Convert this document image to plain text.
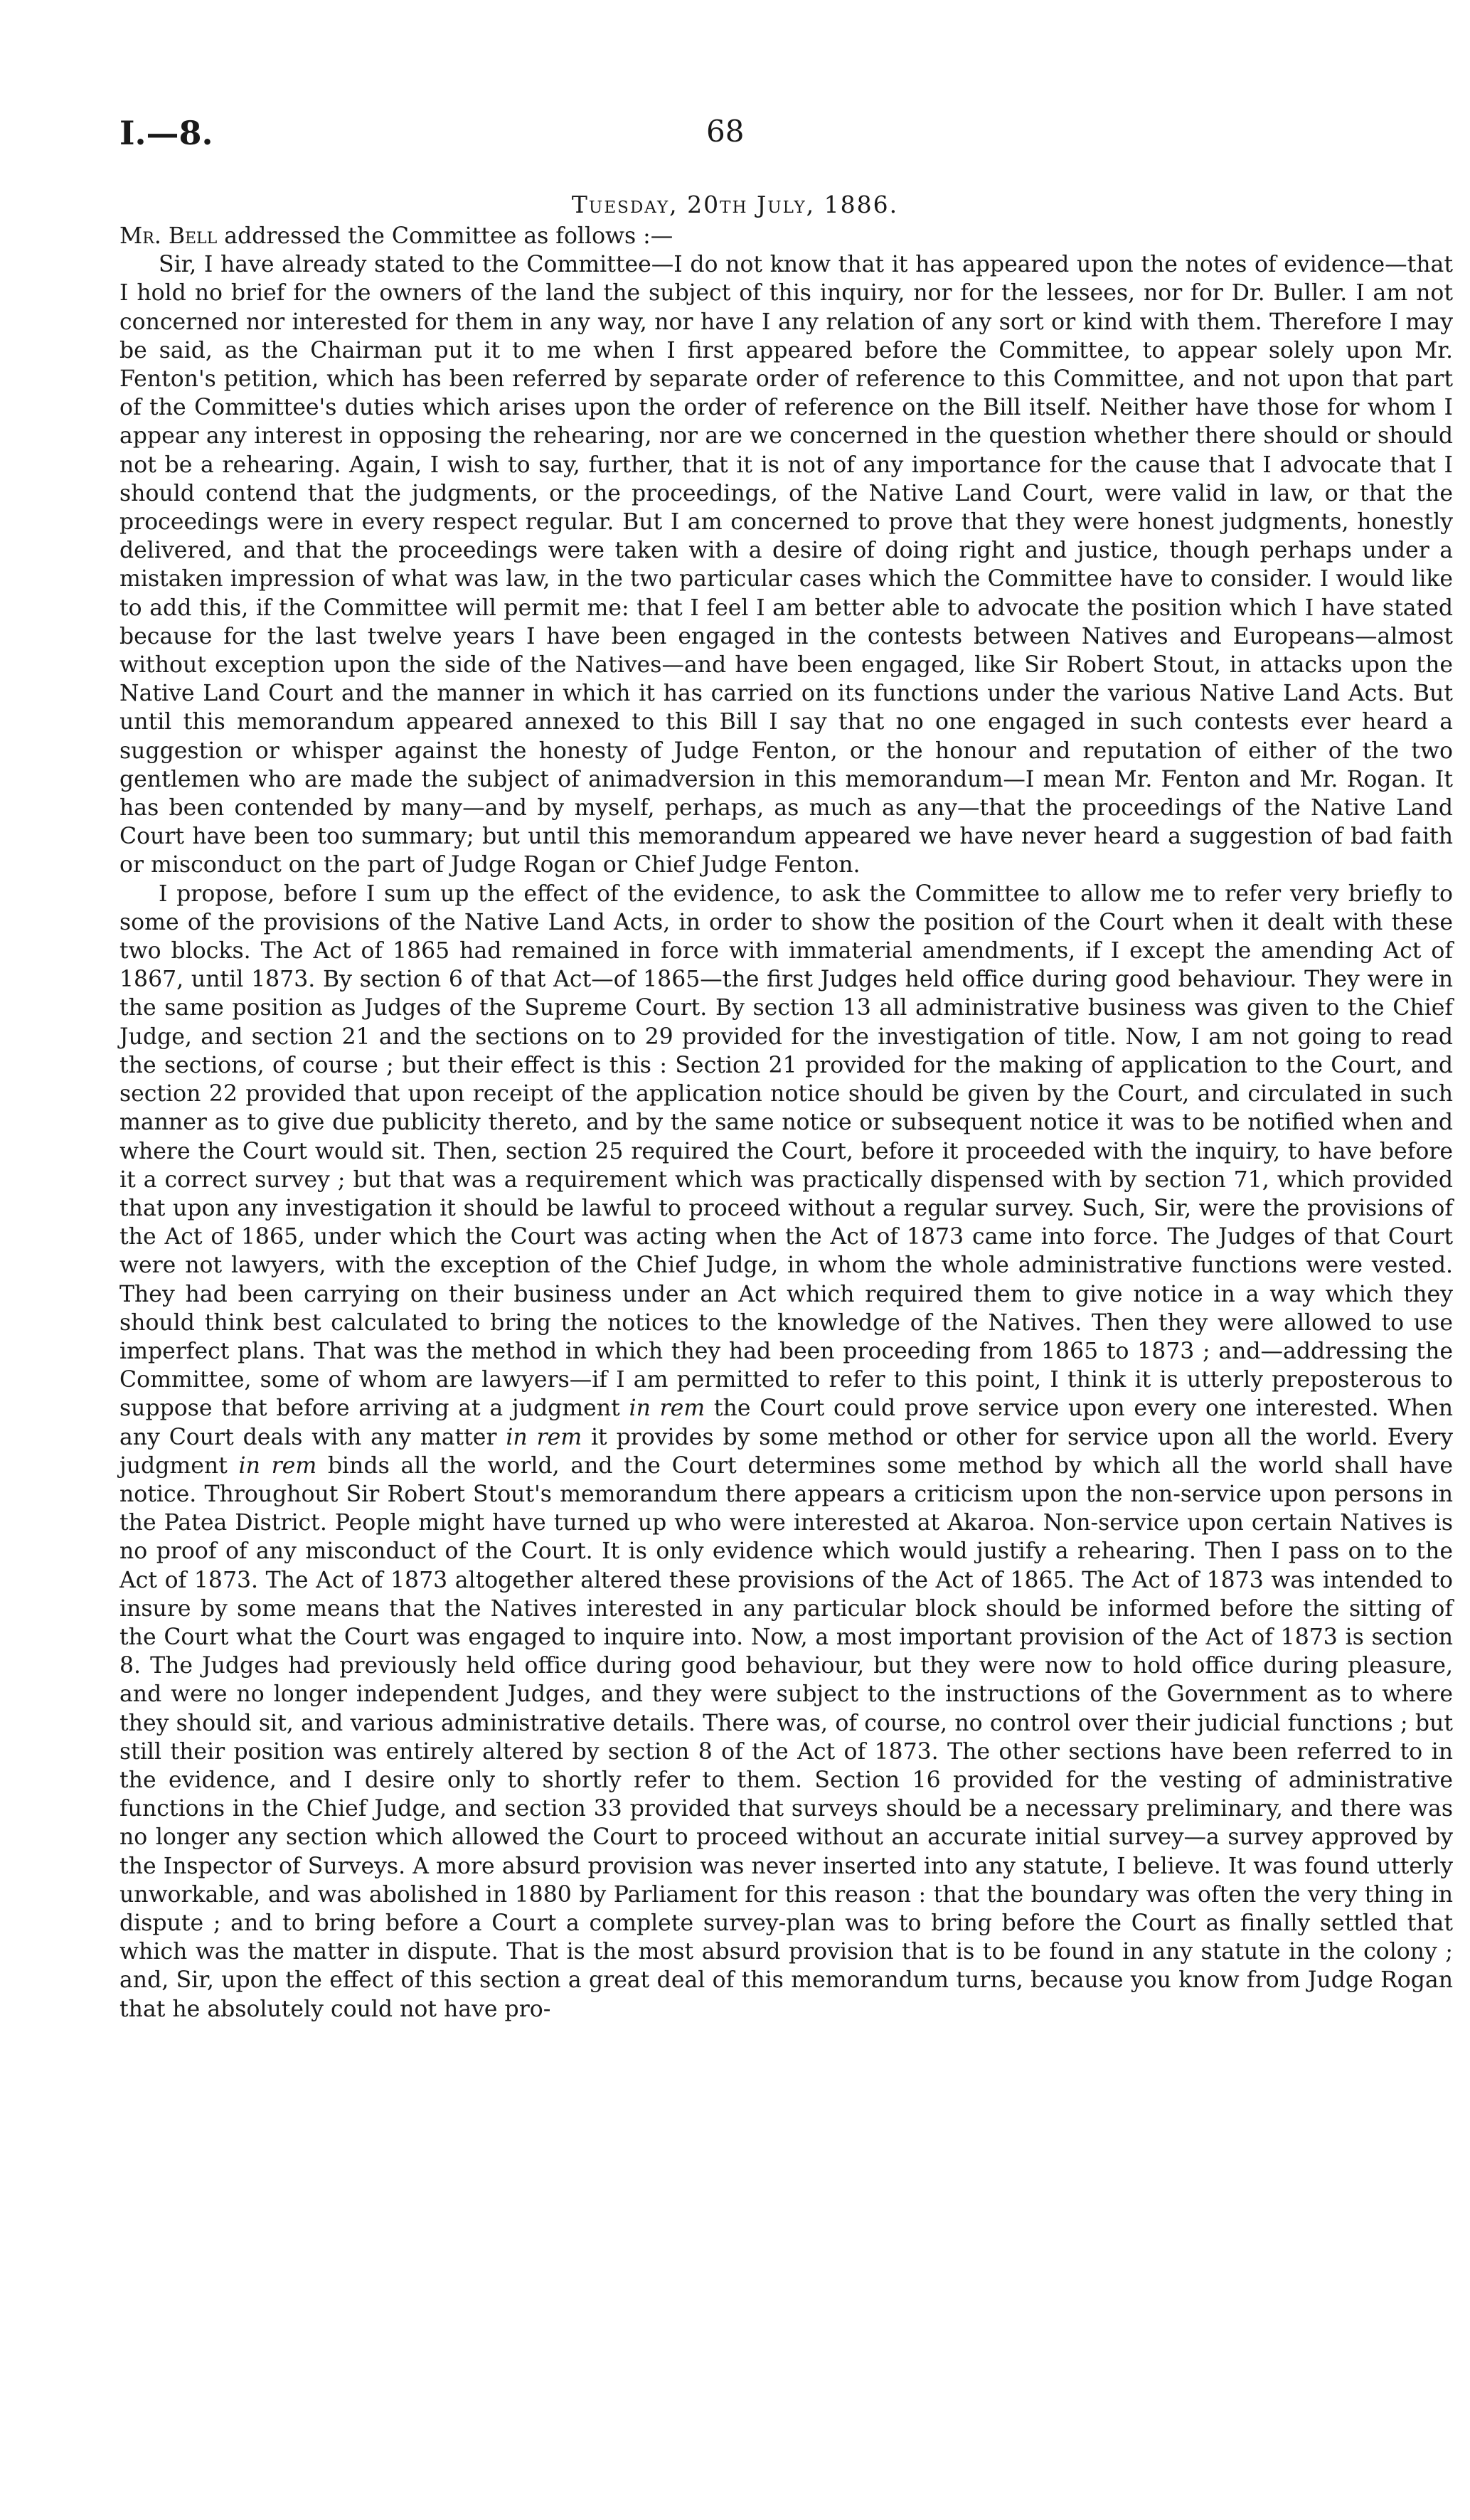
I.—8.	68
Tuesday, 20th July, 1886.

Mr. Bell addressed the Committee as follows :—

Sir, I have already stated to the Committee—I do not know that it has appeared upon the notes of evidence—that I hold no brief for the owners of the land the subject of this inquiry, nor for the lessees, nor for Dr. Buller. I am not concerned nor interested for them in any way, nor have I any relation of any sort or kind with them. Therefore I may be said, as the Chairman put it to me when I first appeared before the Committee, to appear solely upon Mr. Fenton's petition, which has been referred by separate order of reference to this Committee, and not upon that part of the Committee's duties which arises upon the order of reference on the Bill itself. Neither have those for whom I appear any interest in opposing the rehearing, nor are we concerned in the question whether there should or should not be a rehearing. Again, I wish to say, further, that it is not of any importance for the cause that I advocate that I should contend that the judgments, or the proceedings, of the Native Land Court, were valid in law, or that the proceedings were in every respect regular. But I am concerned to prove that they were honest judgments, honestly delivered, and that the proceedings were taken with a desire of doing right and justice, though perhaps under a mistaken impression of what was law, in the two particular cases which the Committee have to consider. I would like to add this, if the Committee will permit me: that I feel I am better able to advocate the position which I have stated because for the last twelve years I have been engaged in the contests between Natives and Europeans—almost without exception upon the side of the Natives—and have been engaged, like Sir Robert Stout, in attacks upon the Native Land Court and the manner in which it has carried on its functions under the various Native Land Acts. But until this memorandum appeared annexed to this Bill I say that no one engaged in such contests ever heard a suggestion or whisper against the honesty of Judge Fenton, or the honour and reputation of either of the two gentlemen who are made the subject of animadversion in this memorandum—I mean Mr. Fenton and Mr. Rogan. It has been contended by many—and by myself, perhaps, as much as any—that the proceedings of the Native Land Court have been too summary; but until this memorandum appeared we have never heard a suggestion of bad faith or misconduct on the part of Judge Rogan or Chief Judge Fenton.

I propose, before I sum up the effect of the evidence, to ask the Committee to allow me to refer very briefly to some of the provisions of the Native Land Acts, in order to show the position of the Court when it dealt with these two blocks. The Act of 1865 had remained in force with immaterial amendments, if I except the amending Act of 1867, until 1873. By section 6 of that Act—of 1865—the first Judges held office during good behaviour. They were in the same position as Judges of the Supreme Court. By section 13 all administrative business was given to the Chief Judge, and section 21 and the sections on to 29 provided for the investigation of title. Now, I am not going to read the sections, of course ; but their effect is this : Section 21 provided for the making of application to the Court, and section 22 provided that upon receipt of the application notice should be given by the Court, and circulated in such manner as to give due publicity thereto, and by the same notice or subsequent notice it was to be notified when and where the Court would sit. Then, section 25 required the Court, before it proceeded with the inquiry, to have before it a correct survey ; but that was a requirement which was practically dispensed with by section 71, which provided that upon any investigation it should be lawful to proceed without a regular survey. Such, Sir, were the provisions of the Act of 1865, under which the Court was acting when the Act of 1873 came into force. The Judges of that Court were not lawyers, with the exception of the Chief Judge, in whom the whole administrative functions were vested. They had been carrying on their business under an Act which required them to give notice in a way which they should think best calculated to bring the notices to the knowledge of the Natives. Then they were allowed to use imperfect plans. That was the method in which they had been proceeding from 1865 to 1873 ; and—addressing the Committee, some of whom are lawyers—if I am permitted to refer to this point, I think it is utterly preposterous to suppose that before arriving at a judgment in rem the Court could prove service upon every one interested. When any Court deals with any matter in rem it provides by some method or other for service upon all the world. Every judgment in rem binds all the world, and the Court determines some method by which all the world shall have notice. Throughout Sir Robert Stout's memorandum there appears a criticism upon the non-service upon persons in the Patea District. People might have turned up who were interested at Akaroa. Non-service upon certain Natives is no proof of any misconduct of the Court. It is only evidence which would justify a rehearing. Then I pass on to the Act of 1873. The Act of 1873 altogether altered these provisions of the Act of 1865. The Act of 1873 was intended to insure by some means that the Natives interested in any particular block should be informed before the sitting of the Court what the Court was engaged to inquire into. Now, a most important provision of the Act of 1873 is section 8. The Judges had previously held office during good behaviour, but they were now to hold office during pleasure, and were no longer independent Judges, and they were subject to the instructions of the Government as to where they should sit, and various administrative details. There was, of course, no control over their judicial functions ; but still their position was entirely altered by section 8 of the Act of 1873. The other sections have been referred to in the evidence, and I desire only to shortly refer to them. Section 16 provided for the vesting of administrative functions in the Chief Judge, and section 33 provided that surveys should be a necessary preliminary, and there was no longer any section which allowed the Court to proceed without an accurate initial survey—a survey approved by the Inspector of Surveys. A more absurd provision was never inserted into any statute, I believe. It was found utterly unworkable, and was abolished in 1880 by Parliament for this reason : that the boundary was often the very thing in dispute ; and to bring before a Court a complete survey-plan was to bring before the Court as finally settled that which was the matter in dispute. That is the most absurd provision that is to be found in any statute in the colony ; and, Sir, upon the effect of this section a great deal of this memorandum turns, because you know from Judge Rogan that he absolutely could not have pro-
